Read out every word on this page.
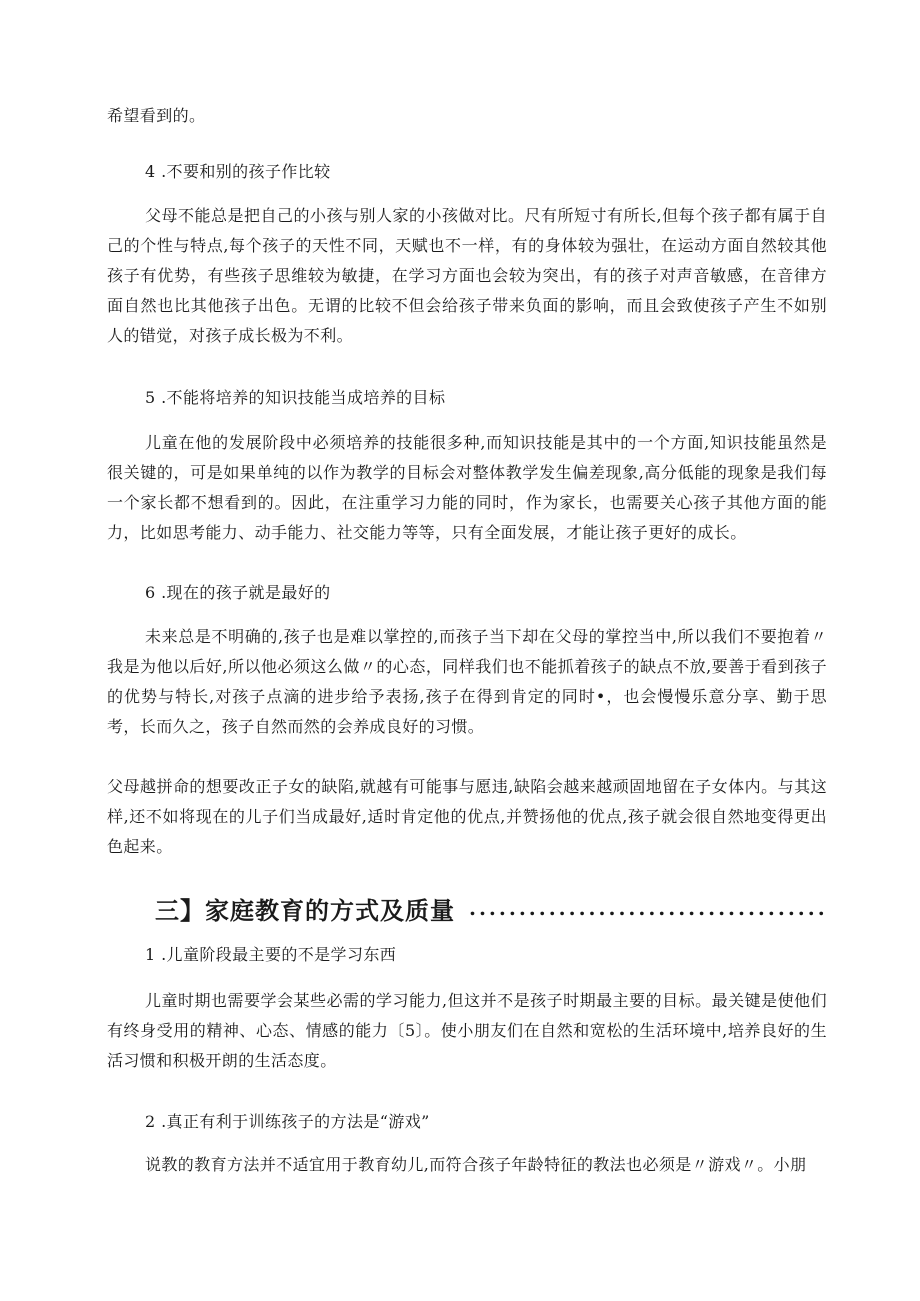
希望看到的。
4 .不要和别的孩子作比较
父母不能总是把自己的小孩与别人家的小孩做对比。尺有所短寸有所长,但每个孩子都有属于自己的个性与特点,每个孩子的天性不同，天赋也不一样，有的身体较为强壮，在运动方面自然较其他孩子有优势，有些孩子思维较为敏捷，在学习方面也会较为突出，有的孩子对声音敏感，在音律方面自然也比其他孩子出色。无谓的比较不但会给孩子带来负面的影响，而且会致使孩子产生不如别人的错觉，对孩子成长极为不利。
5 .不能将培养的知识技能当成培养的目标
儿童在他的发展阶段中必须培养的技能很多种,而知识技能是其中的一个方面,知识技能虽然是很关键的，可是如果单纯的以作为教学的目标会对整体教学发生偏差现象,高分低能的现象是我们每一个家长都不想看到的。因此，在注重学习力能的同时，作为家长，也需要关心孩子其他方面的能力，比如思考能力、动手能力、社交能力等等，只有全面发展，才能让孩子更好的成长。
6 .现在的孩子就是最好的
未来总是不明确的,孩子也是难以掌控的,而孩子当下却在父母的掌控当中,所以我们不要抱着〃我是为他以后好,所以他必须这么做〃的心态，同样我们也不能抓着孩子的缺点不放,要善于看到孩子的优势与特长,对孩子点滴的进步给予表扬,孩子在得到肯定的同时•，也会慢慢乐意分享、勤于思考，长而久之，孩子自然而然的会养成良好的习惯。
父母越拼命的想要改正子女的缺陷,就越有可能事与愿违,缺陷会越来越顽固地留在子女体内。与其这样,还不如将现在的儿子们当成最好,适时肯定他的优点,并赞扬他的优点,孩子就会很自然地变得更出色起来。
三】家庭教育的方式及质量
.....
1 .儿童阶段最主要的不是学习东西
儿童时期也需要学会某些必需的学习能力,但这并不是孩子时期最主要的目标。最关键是使他们有终身受用的精神、心态、情感的能力〔5〕。使小朋友们在自然和宽松的生活环境中,培养良好的生活习惯和积极开朗的生活态度。
2 .真正有利于训练孩子的方法是“游戏”
说教的教育方法并不适宜用于教育幼儿,而符合孩子年龄特征的教法也必须是〃游戏〃。小朋
